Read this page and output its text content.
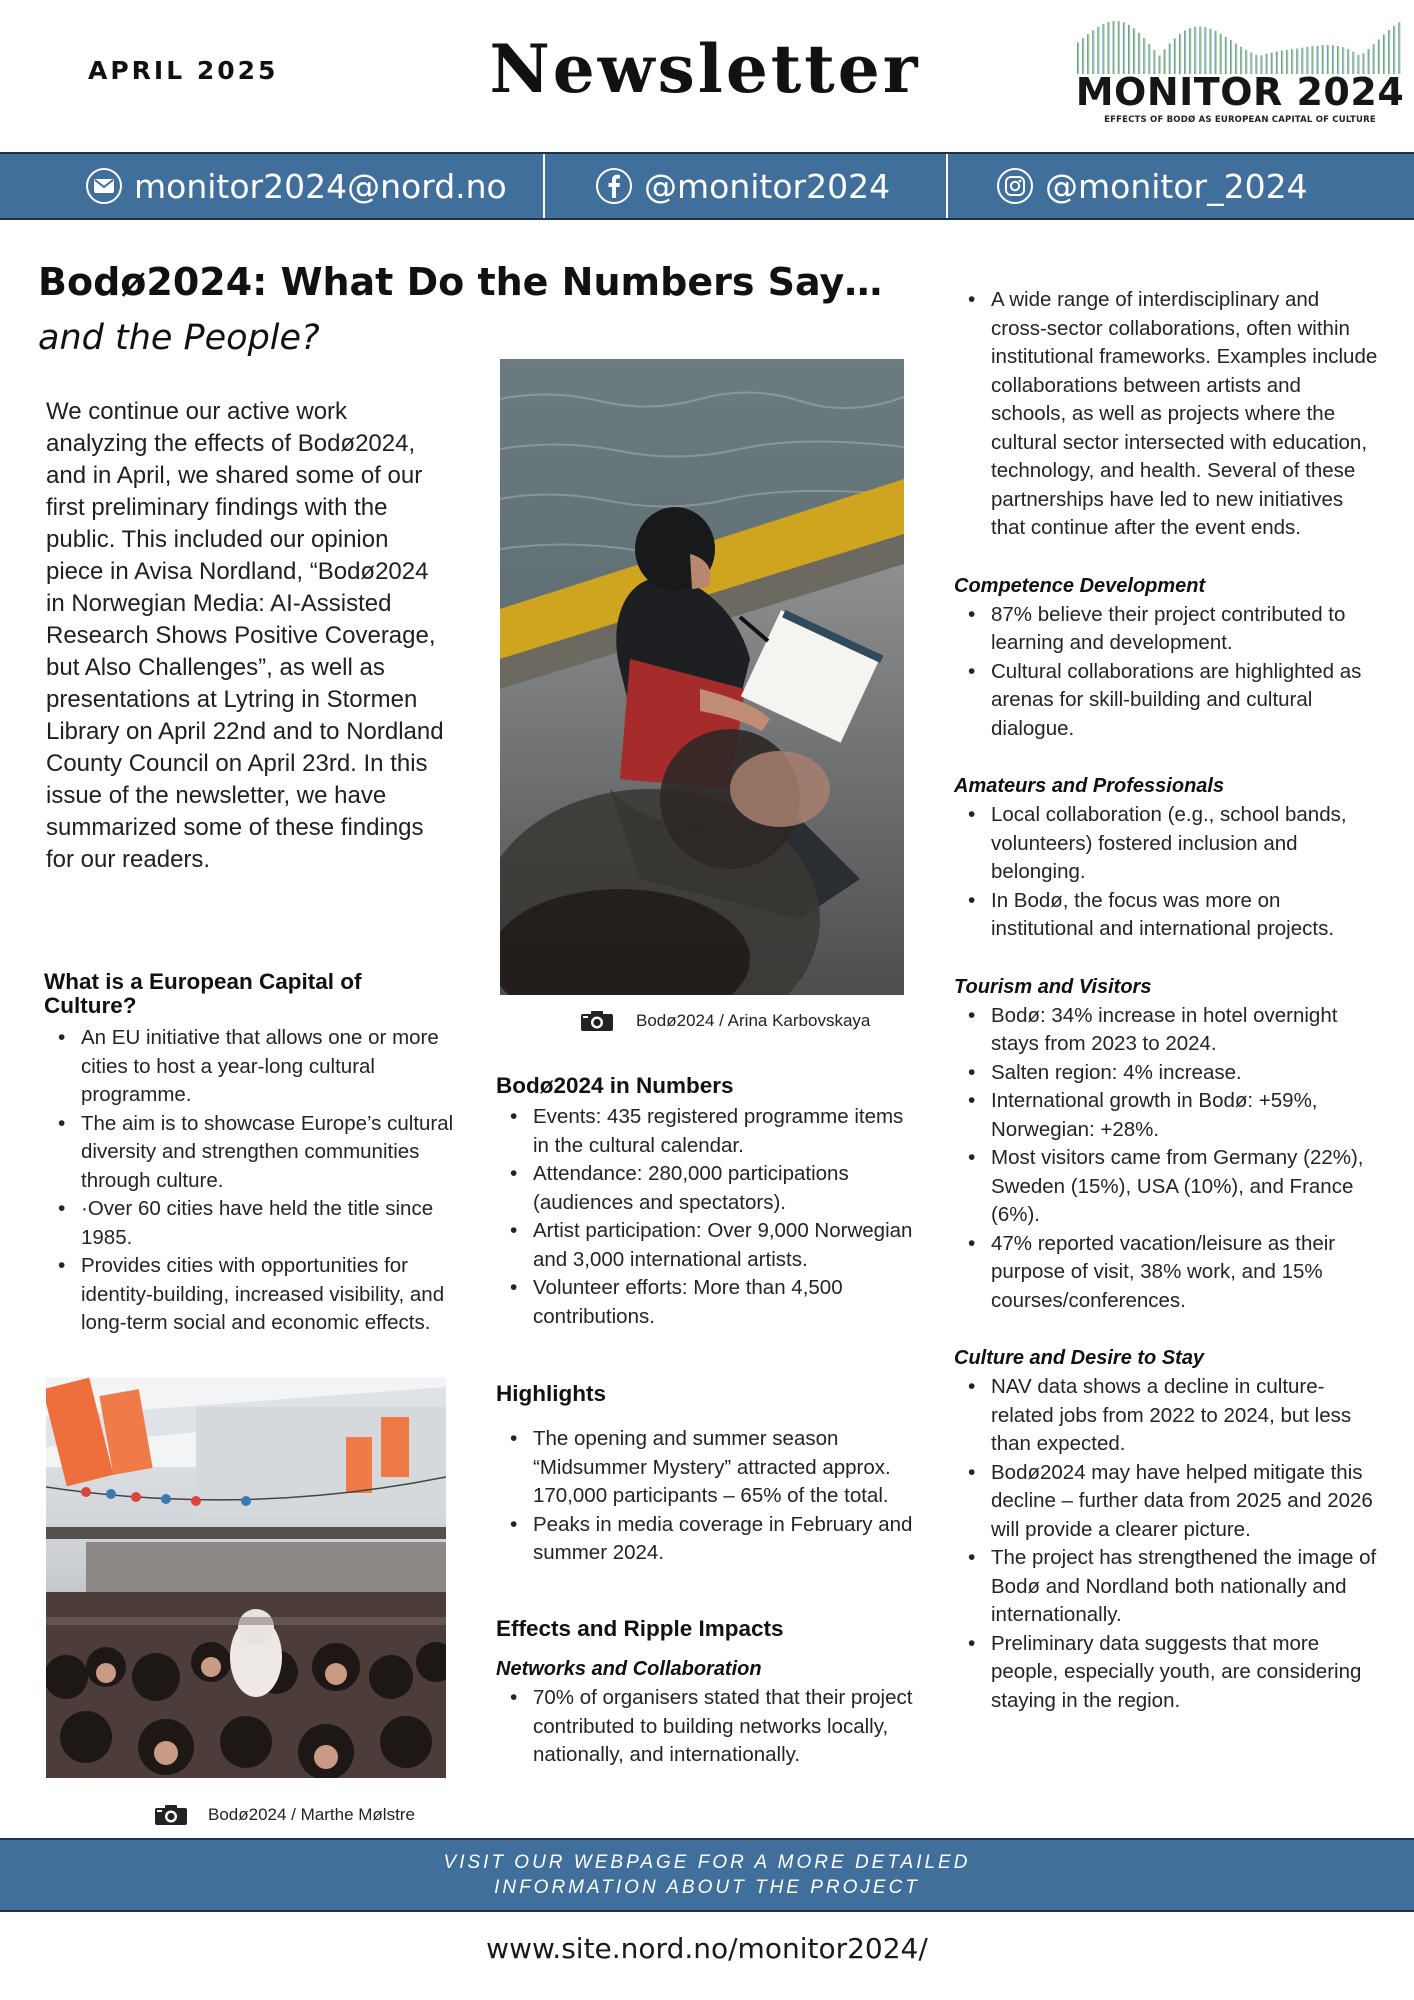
APRIL 2025	Newsletter	MONITOR 2024
EFFECTS OF BODØ AS EUROPEAN CAPITAL OF CULTURE
monitor2024@nord.no	@monitor2024	@monitor_2024
Bodø2024: What Do the Numbers Say…
and the People?
We continue our active work analyzing the effects of Bodø2024, and in April, we shared some of our first preliminary findings with the public. This included our opinion piece in Avisa Nordland, “Bodø2024 in Norwegian Media: AI-Assisted Research Shows Positive Coverage, but Also Challenges”, as well as presentations at Lytring in Stormen Library on April 22nd and to Nordland County Council on April 23rd. In this issue of the newsletter, we have summarized some of these findings for our readers.
What is a European Capital of Culture?
• An EU initiative that allows one or more cities to host a year-long cultural programme.
• The aim is to showcase Europe’s cultural diversity and strengthen communities through culture.
• ·Over 60 cities have held the title since 1985.
• Provides cities with opportunities for identity-building, increased visibility, and long-term social and economic effects.
Bodø2024 / Marthe Mølstre
Bodø2024 / Arina Karbovskaya
Bodø2024 in Numbers
• Events: 435 registered programme items in the cultural calendar.
• Attendance: 280,000 participations (audiences and spectators).
• Artist participation: Over 9,000 Norwegian and 3,000 international artists.
• Volunteer efforts: More than 4,500 contributions.
Highlights
• The opening and summer season “Midsummer Mystery” attracted approx. 170,000 participants – 65% of the total.
• Peaks in media coverage in February and summer 2024.
Effects and Ripple Impacts
Networks and Collaboration
• 70% of organisers stated that their project contributed to building networks locally, nationally, and internationally.
• A wide range of interdisciplinary and cross-sector collaborations, often within institutional frameworks. Examples include collaborations between artists and schools, as well as projects where the cultural sector intersected with education, technology, and health. Several of these partnerships have led to new initiatives that continue after the event ends.
Competence Development
• 87% believe their project contributed to learning and development.
• Cultural collaborations are highlighted as arenas for skill-building and cultural dialogue.
Amateurs and Professionals
• Local collaboration (e.g., school bands, volunteers) fostered inclusion and belonging.
• In Bodø, the focus was more on institutional and international projects.
Tourism and Visitors
• Bodø: 34% increase in hotel overnight stays from 2023 to 2024.
• Salten region: 4% increase.
• International growth in Bodø: +59%, Norwegian: +28%.
• Most visitors came from Germany (22%), Sweden (15%), USA (10%), and France (6%).
• 47% reported vacation/leisure as their purpose of visit, 38% work, and 15% courses/conferences.
Culture and Desire to Stay
• NAV data shows a decline in culture-related jobs from 2022 to 2024, but less than expected.
• Bodø2024 may have helped mitigate this decline – further data from 2025 and 2026 will provide a clearer picture.
• The project has strengthened the image of Bodø and Nordland both nationally and internationally.
• Preliminary data suggests that more people, especially youth, are considering staying in the region.
VISIT OUR WEBPAGE FOR A MORE DETAILED
INFORMATION ABOUT THE PROJECT
www.site.nord.no/monitor2024/
